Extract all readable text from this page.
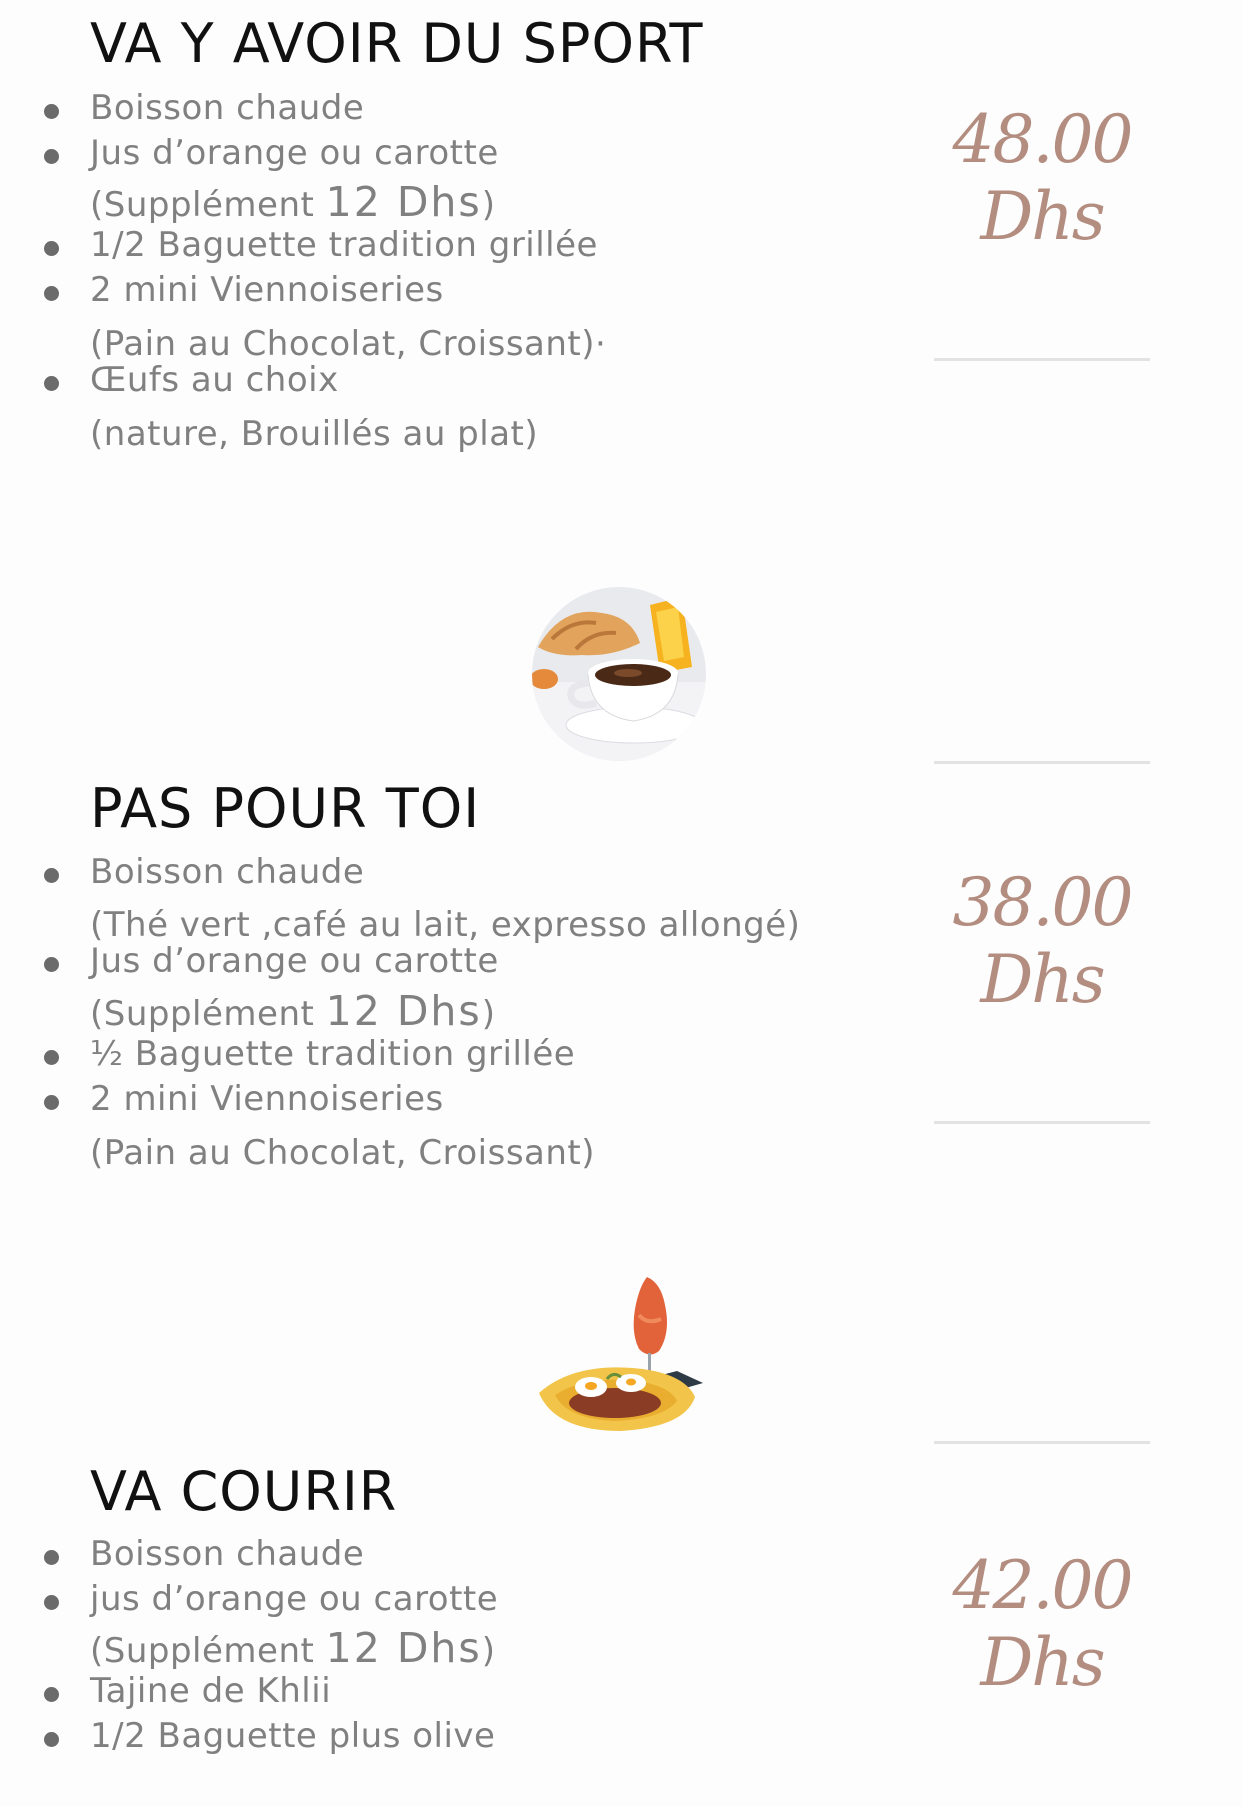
VA Y AVOIR DU SPORT

Boisson chaude

Jus d’orange ou carotte

(Supplément 12 Dhs)

1/2 Baguette tradition grillée

2 mini Viennoiseries

(Pain au Chocolat, Croissant)·

Œufs au choix

(nature, Brouillés au plat)

48.00
Dhs
PAS POUR TOI

Boisson chaude

(Thé vert ,café au lait, expresso allongé)

Jus d’orange ou carotte

(Supplément 12 Dhs)

½ Baguette tradition grillée

2 mini Viennoiseries

(Pain au Chocolat, Croissant)

38.00
Dhs
VA COURIR

Boisson chaude

jus d’orange ou carotte

(Supplément 12 Dhs)

Tajine de Khlii

1/2 Baguette plus olive

42.00
Dhs
